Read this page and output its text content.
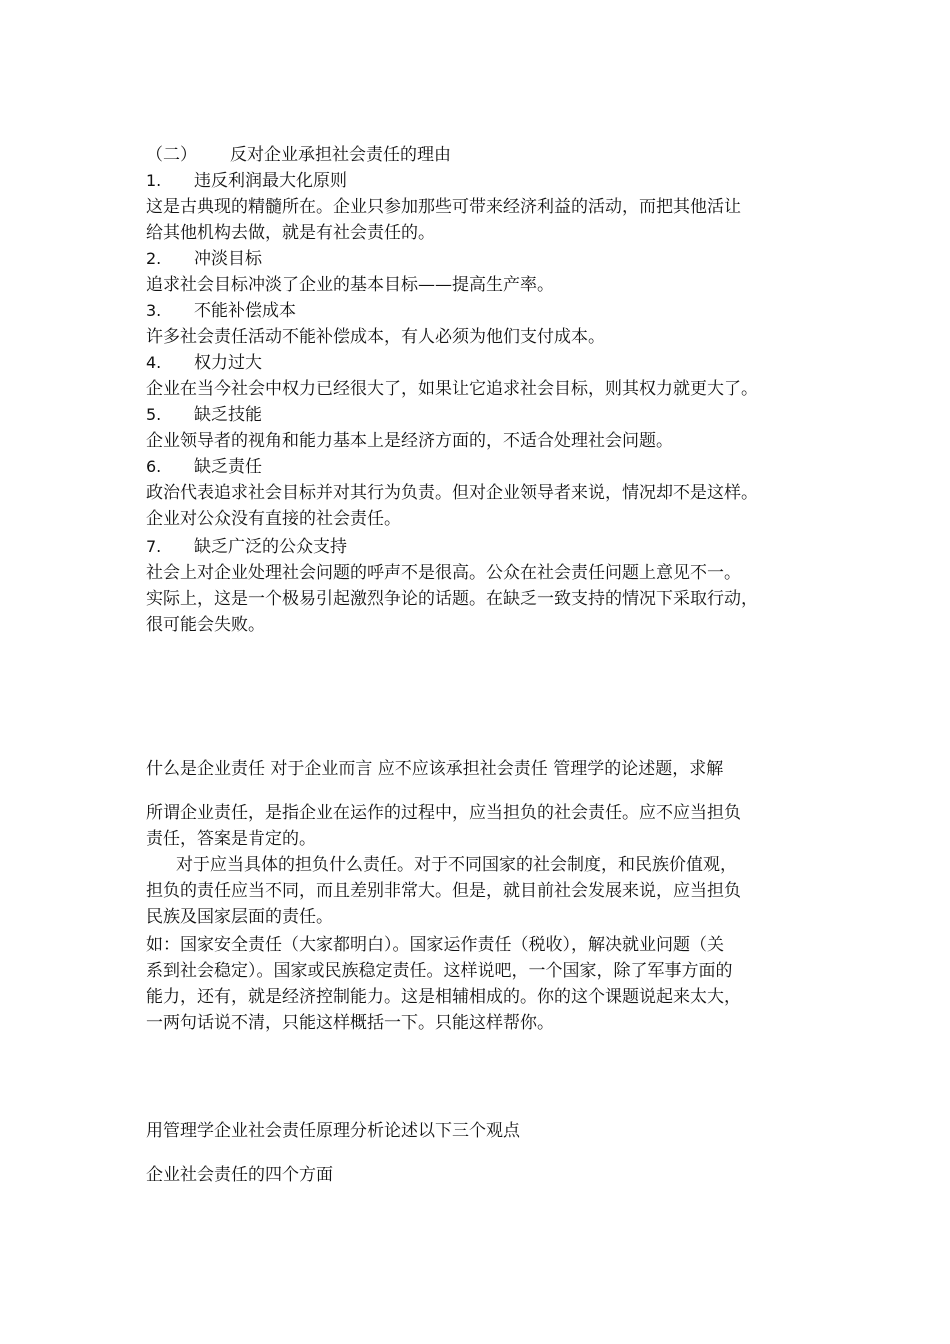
（二） 反对企业承担社会责任的理由
1. 违反利润最大化原则
这是古典现的精髓所在。企业只参加那些可带来经济利益的活动，而把其他活让
给其他机构去做，就是有社会责任的。
2. 冲淡目标
追求社会目标冲淡了企业的基本目标——提高生产率。
3. 不能补偿成本
许多社会责任活动不能补偿成本，有人必须为他们支付成本。
4. 权力过大
企业在当今社会中权力已经很大了，如果让它追求社会目标，则其权力就更大了。
5. 缺乏技能
企业领导者的视角和能力基本上是经济方面的，不适合处理社会问题。
6. 缺乏责任
政治代表追求社会目标并对其行为负责。但对企业领导者来说，情况却不是这样。
企业对公众没有直接的社会责任。
7. 缺乏广泛的公众支持
社会上对企业处理社会问题的呼声不是很高。公众在社会责任问题上意见不一。
实际上，这是一个极易引起激烈争论的话题。在缺乏一致支持的情况下采取行动，
很可能会失败。
什么是企业责任 对于企业而言 应不应该承担社会责任 管理学的论述题，求解
所谓企业责任，是指企业在运作的过程中，应当担负的社会责任。应不应当担负
责任，答案是肯定的。
对于应当具体的担负什么责任。对于不同国家的社会制度，和民族价值观，
担负的责任应当不同，而且差别非常大。但是，就目前社会发展来说，应当担负
民族及国家层面的责任。
如：国家安全责任（大家都明白）。国家运作责任（税收），解决就业问题（关
系到社会稳定）。国家或民族稳定责任。这样说吧，一个国家，除了军事方面的
能力，还有，就是经济控制能力。这是相辅相成的。你的这个课题说起来太大，
一两句话说不清，只能这样概括一下。只能这样帮你。
用管理学企业社会责任原理分析论述以下三个观点
企业社会责任的四个方面
